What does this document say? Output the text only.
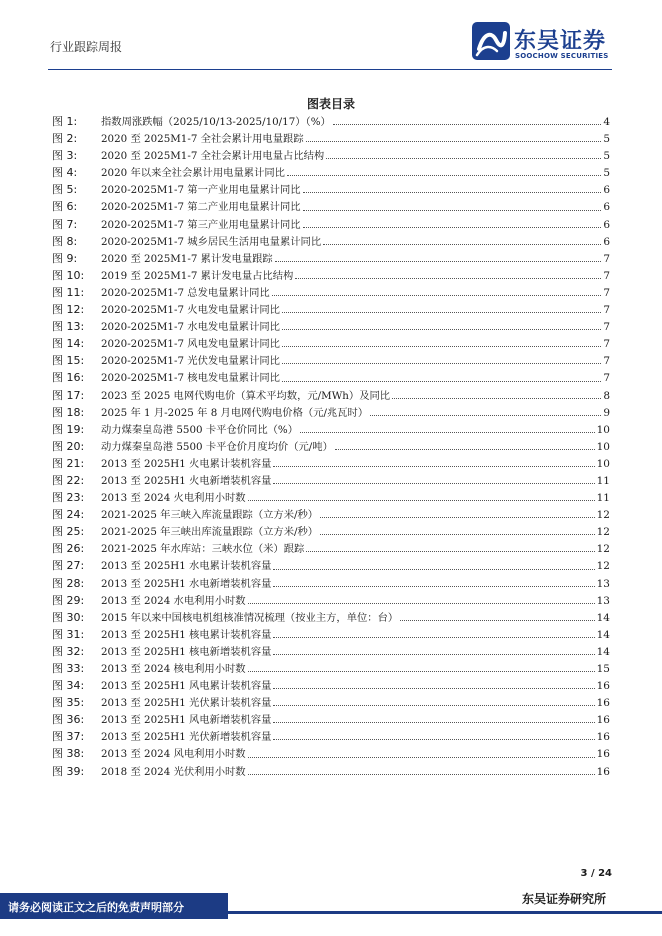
行业跟踪周报	东吴证券
SOOCHOW SECURITIES
图表目录
图 1:	指数周涨跌幅（2025/10/13-2025/10/17）（%）	4
图 2:	2020 至 2025M1-7 全社会累计用电量跟踪	5
图 3:	2020 至 2025M1-7 全社会累计用电量占比结构	5
图 4:	2020 年以来全社会累计用电量累计同比	5
图 5:	2020-2025M1-7 第一产业用电量累计同比	6
图 6:	2020-2025M1-7 第二产业用电量累计同比	6
图 7:	2020-2025M1-7 第三产业用电量累计同比	6
图 8:	2020-2025M1-7 城乡居民生活用电量累计同比	6
图 9:	2020 至 2025M1-7 累计发电量跟踪	7
图 10:	2019 至 2025M1-7 累计发电量占比结构	7
图 11:	2020-2025M1-7 总发电量累计同比	7
图 12:	2020-2025M1-7 火电发电量累计同比	7
图 13:	2020-2025M1-7 水电发电量累计同比	7
图 14:	2020-2025M1-7 风电发电量累计同比	7
图 15:	2020-2025M1-7 光伏发电量累计同比	7
图 16:	2020-2025M1-7 核电发电量累计同比	7
图 17:	2023 至 2025 电网代购电价（算术平均数，元/MWh）及同比	8
图 18:	2025 年 1 月-2025 年 8 月电网代购电价格（元/兆瓦时）	9
图 19:	动力煤秦皇岛港 5500 卡平仓价同比（%）	10
图 20:	动力煤秦皇岛港 5500 卡平仓价月度均价（元/吨）	10
图 21:	2013 至 2025H1 火电累计装机容量	10
图 22:	2013 至 2025H1 火电新增装机容量	11
图 23:	2013 至 2024 火电利用小时数	11
图 24:	2021-2025 年三峡入库流量跟踪（立方米/秒）	12
图 25:	2021-2025 年三峡出库流量跟踪（立方米/秒）	12
图 26:	2021-2025 年水库站：三峡水位（米）跟踪	12
图 27:	2013 至 2025H1 水电累计装机容量	12
图 28:	2013 至 2025H1 水电新增装机容量	13
图 29:	2013 至 2024 水电利用小时数	13
图 30:	2015 年以来中国核电机组核准情况梳理（按业主方，单位：台）	14
图 31:	2013 至 2025H1 核电累计装机容量	14
图 32:	2013 至 2025H1 核电新增装机容量	14
图 33:	2013 至 2024 核电利用小时数	15
图 34:	2013 至 2025H1 风电累计装机容量	16
图 35:	2013 至 2025H1 光伏累计装机容量	16
图 36:	2013 至 2025H1 风电新增装机容量	16
图 37:	2013 至 2025H1 光伏新增装机容量	16
图 38:	2013 至 2024 风电利用小时数	16
图 39:	2018 至 2024 光伏利用小时数	16
3 / 24
请务必阅读正文之后的免责声明部分
东吴证券研究所
